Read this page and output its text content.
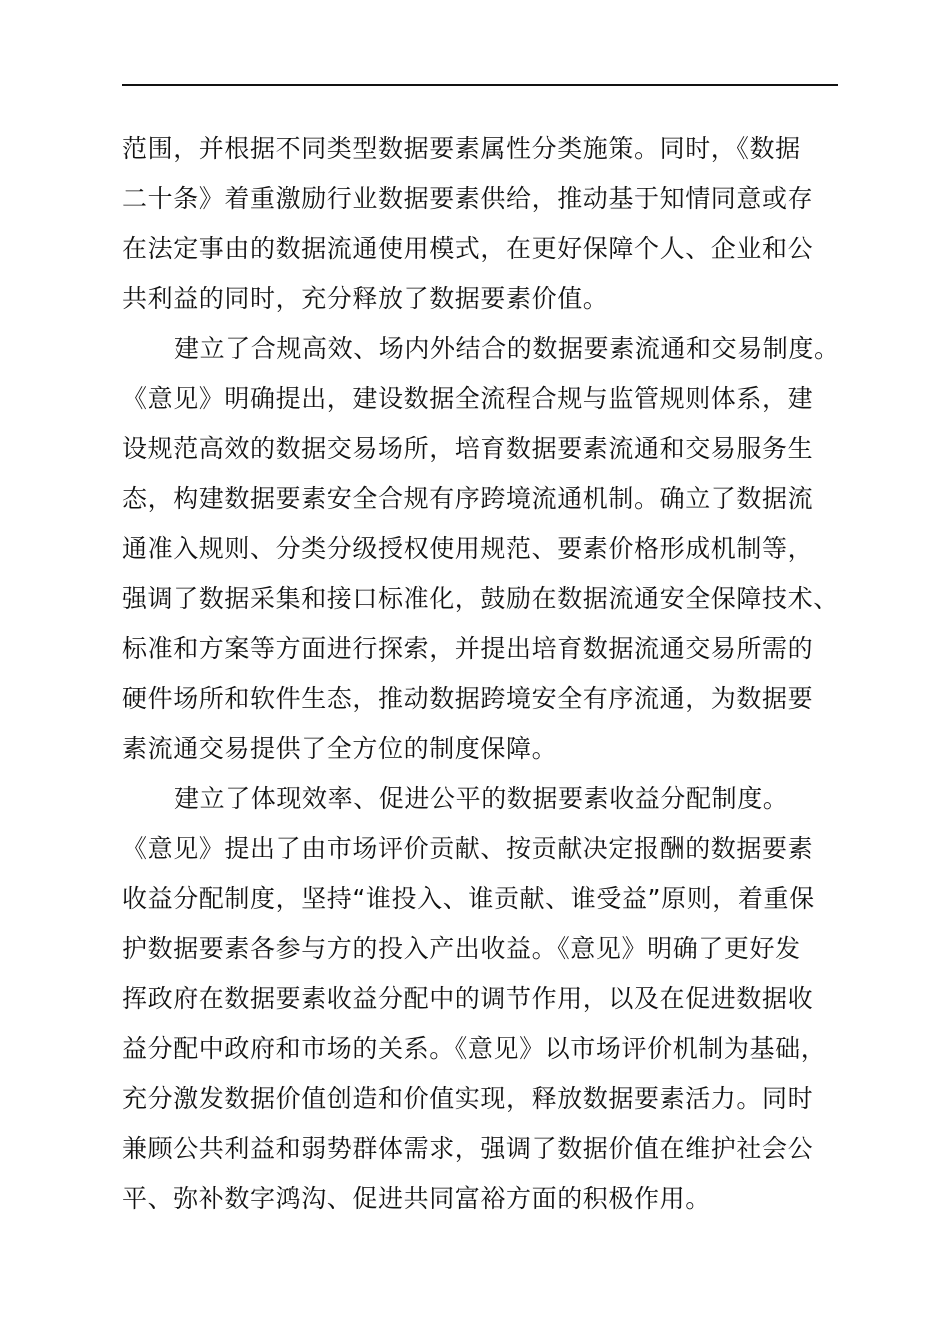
范围，并根据不同类型数据要素属性分类施策。同时，《数据
二十条》着重激励行业数据要素供给，推动基于知情同意或存
在法定事由的数据流通使用模式，在更好保障个人、企业和公
共利益的同时，充分释放了数据要素价值。
建立了合规高效、场内外结合的数据要素流通和交易制度。
《意见》明确提出，建设数据全流程合规与监管规则体系，建
设规范高效的数据交易场所，培育数据要素流通和交易服务生
态，构建数据要素安全合规有序跨境流通机制。确立了数据流
通准入规则、分类分级授权使用规范、要素价格形成机制等，
强调了数据采集和接口标准化，鼓励在数据流通安全保障技术、
标准和方案等方面进行探索，并提出培育数据流通交易所需的
硬件场所和软件生态，推动数据跨境安全有序流通，为数据要
素流通交易提供了全方位的制度保障。
建立了体现效率、促进公平的数据要素收益分配制度。
《意见》提出了由市场评价贡献、按贡献决定报酬的数据要素
收益分配制度，坚持“谁投入、谁贡献、谁受益”原则，着重保
护数据要素各参与方的投入产出收益。《意见》明确了更好发
挥政府在数据要素收益分配中的调节作用，以及在促进数据收
益分配中政府和市场的关系。《意见》以市场评价机制为基础，
充分激发数据价值创造和价值实现，释放数据要素活力。同时
兼顾公共利益和弱势群体需求，强调了数据价值在维护社会公
平、弥补数字鸿沟、促进共同富裕方面的积极作用。
